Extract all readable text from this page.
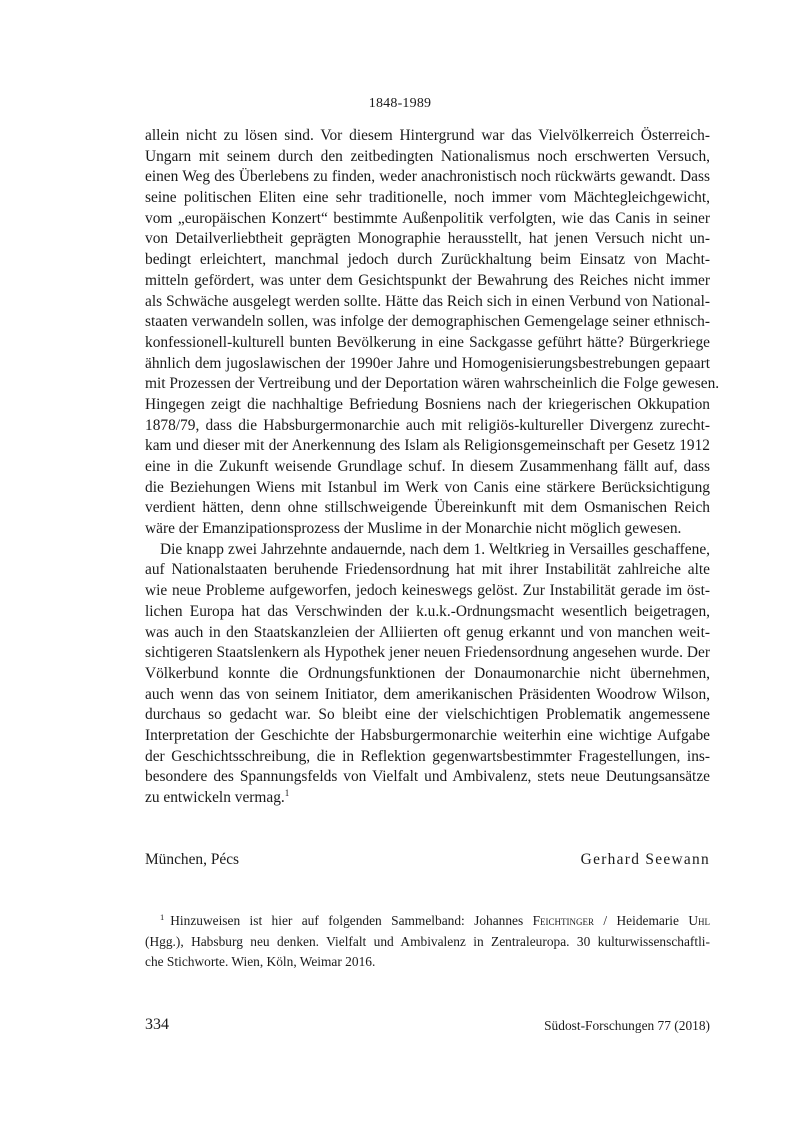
1848-1989

allein nicht zu lösen sind. Vor diesem Hintergrund war das Vielvölkerreich Österreich-
Ungarn mit seinem durch den zeitbedingten Nationalismus noch erschwerten Versuch,
einen Weg des Überlebens zu finden, weder anachronistisch noch rückwärts gewandt. Dass
seine politischen Eliten eine sehr traditionelle, noch immer vom Mächtegleichgewicht,
vom „europäischen Konzert“ bestimmte Außenpolitik verfolgten, wie das Canis in seiner
von Detailverliebtheit geprägten Monographie herausstellt, hat jenen Versuch nicht un-
bedingt erleichtert, manchmal jedoch durch Zurückhaltung beim Einsatz von Macht-
mitteln gefördert, was unter dem Gesichtspunkt der Bewahrung des Reiches nicht immer
als Schwäche ausgelegt werden sollte. Hätte das Reich sich in einen Verbund von National-
staaten verwandeln sollen, was infolge der demographischen Gemengelage seiner ethnisch-
konfessionell-kulturell bunten Bevölkerung in eine Sackgasse geführt hätte? Bürgerkriege
ähnlich dem jugoslawischen der 1990er Jahre und Homogenisierungsbestrebungen gepaart
mit Prozessen der Vertreibung und der Deportation wären wahrscheinlich die Folge gewesen.
Hingegen zeigt die nachhaltige Befriedung Bosniens nach der kriegerischen Okkupation
1878/79, dass die Habsburgermonarchie auch mit religiös-kultureller Divergenz zurecht-
kam und dieser mit der Anerkennung des Islam als Religionsgemeinschaft per Gesetz 1912
eine in die Zukunft weisende Grundlage schuf. In diesem Zusammenhang fällt auf, dass
die Beziehungen Wiens mit Istanbul im Werk von Canis eine stärkere Berücksichtigung
verdient hätten, denn ohne stillschweigende Übereinkunft mit dem Osmanischen Reich
wäre der Emanzipationsprozess der Muslime in der Monarchie nicht möglich gewesen.

Die knapp zwei Jahrzehnte andauernde, nach dem 1. Weltkrieg in Versailles geschaffene,
auf Nationalstaaten beruhende Friedensordnung hat mit ihrer Instabilität zahlreiche alte
wie neue Probleme aufgeworfen, jedoch keineswegs gelöst. Zur Instabilität gerade im öst-
lichen Europa hat das Verschwinden der k.u.k.-Ordnungsmacht wesentlich beigetragen,
was auch in den Staatskanzleien der Alliierten oft genug erkannt und von manchen weit-
sichtigeren Staatslenkern als Hypothek jener neuen Friedensordnung angesehen wurde. Der
Völkerbund konnte die Ordnungsfunktionen der Donaumonarchie nicht übernehmen,
auch wenn das von seinem Initiator, dem amerikanischen Präsidenten Woodrow Wilson,
durchaus so gedacht war. So bleibt eine der vielschichtigen Problematik angemessene
Interpretation der Geschichte der Habsburgermonarchie weiterhin eine wichtige Aufgabe
der Geschichtsschreibung, die in Reflektion gegenwartsbestimmter Fragestellungen, ins-
besondere des Spannungsfelds von Vielfalt und Ambivalenz, stets neue Deutungsansätze
zu entwickeln vermag.$^1$

München, Pécs	Gerhard Seewann
$^1$ Hinzuweisen ist hier auf folgenden Sammelband: Johannes Feichtinger / Heidemarie Uhl
(Hgg.), Habsburg neu denken. Vielfalt und Ambivalenz in Zentraleuropa. 30 kulturwissenschaftli-
che Stichworte. Wien, Köln, Weimar 2016.
334	Südost-Forschungen 77 (2018)
